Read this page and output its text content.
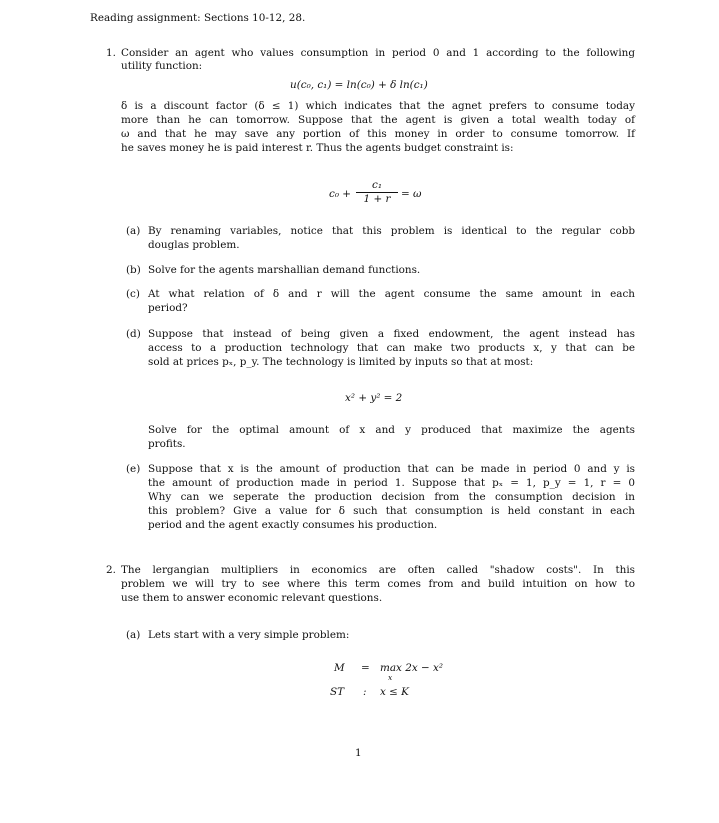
Reading assignment: Sections 10-12, 28.
1. Consider an agent who values consumption in period 0 and 1 according to the following
utility function:
u(c₀, c₁) = ln(c₀) + δ ln(c₁)
δ is a discount factor (δ ≤ 1) which indicates that the agnet prefers to consume today
more than he can tomorrow. Suppose that the agent is given a total wealth today of
ω and that he may save any portion of this money in order to consume tomorrow. If
he saves money he is paid interest r. Thus the agents budget constraint is:
$c_0 + \frac{\text{c₁}}{1 + r} = \omega$
(a) By renaming variables, notice that this problem is identical to the regular cobb
douglas problem.
(b) Solve for the agents marshallian demand functions.
(c) At what relation of δ and r will the agent consume the same amount in each
period?
(d) Suppose that instead of being given a fixed endowment, the agent instead has
access to a production technology that can make two products x, y that can be
sold at prices pₓ, p_y. The technology is limited by inputs so that at most:
x² + y² = 2
Solve for the optimal amount of x and y produced that maximize the agents
profits.
(e) Suppose that x is the amount of production that can be made in period 0 and y is
the amount of production made in period 1. Suppose that pₓ = 1, p_y = 1, r = 0
Why can we seperate the production decision from the consumption decision in
this problem? Give a value for δ such that consumption is held constant in each
period and the agent exactly consumes his production.
2. The lergangian multipliers in economics are often called "shadow costs". In this
problem we will try to see where this term comes from and build intuition on how to
use them to answer economic relevant questions.
(a) Lets start with a very simple problem:
M = max 2x − x²
x
ST : x ≤ K
1
